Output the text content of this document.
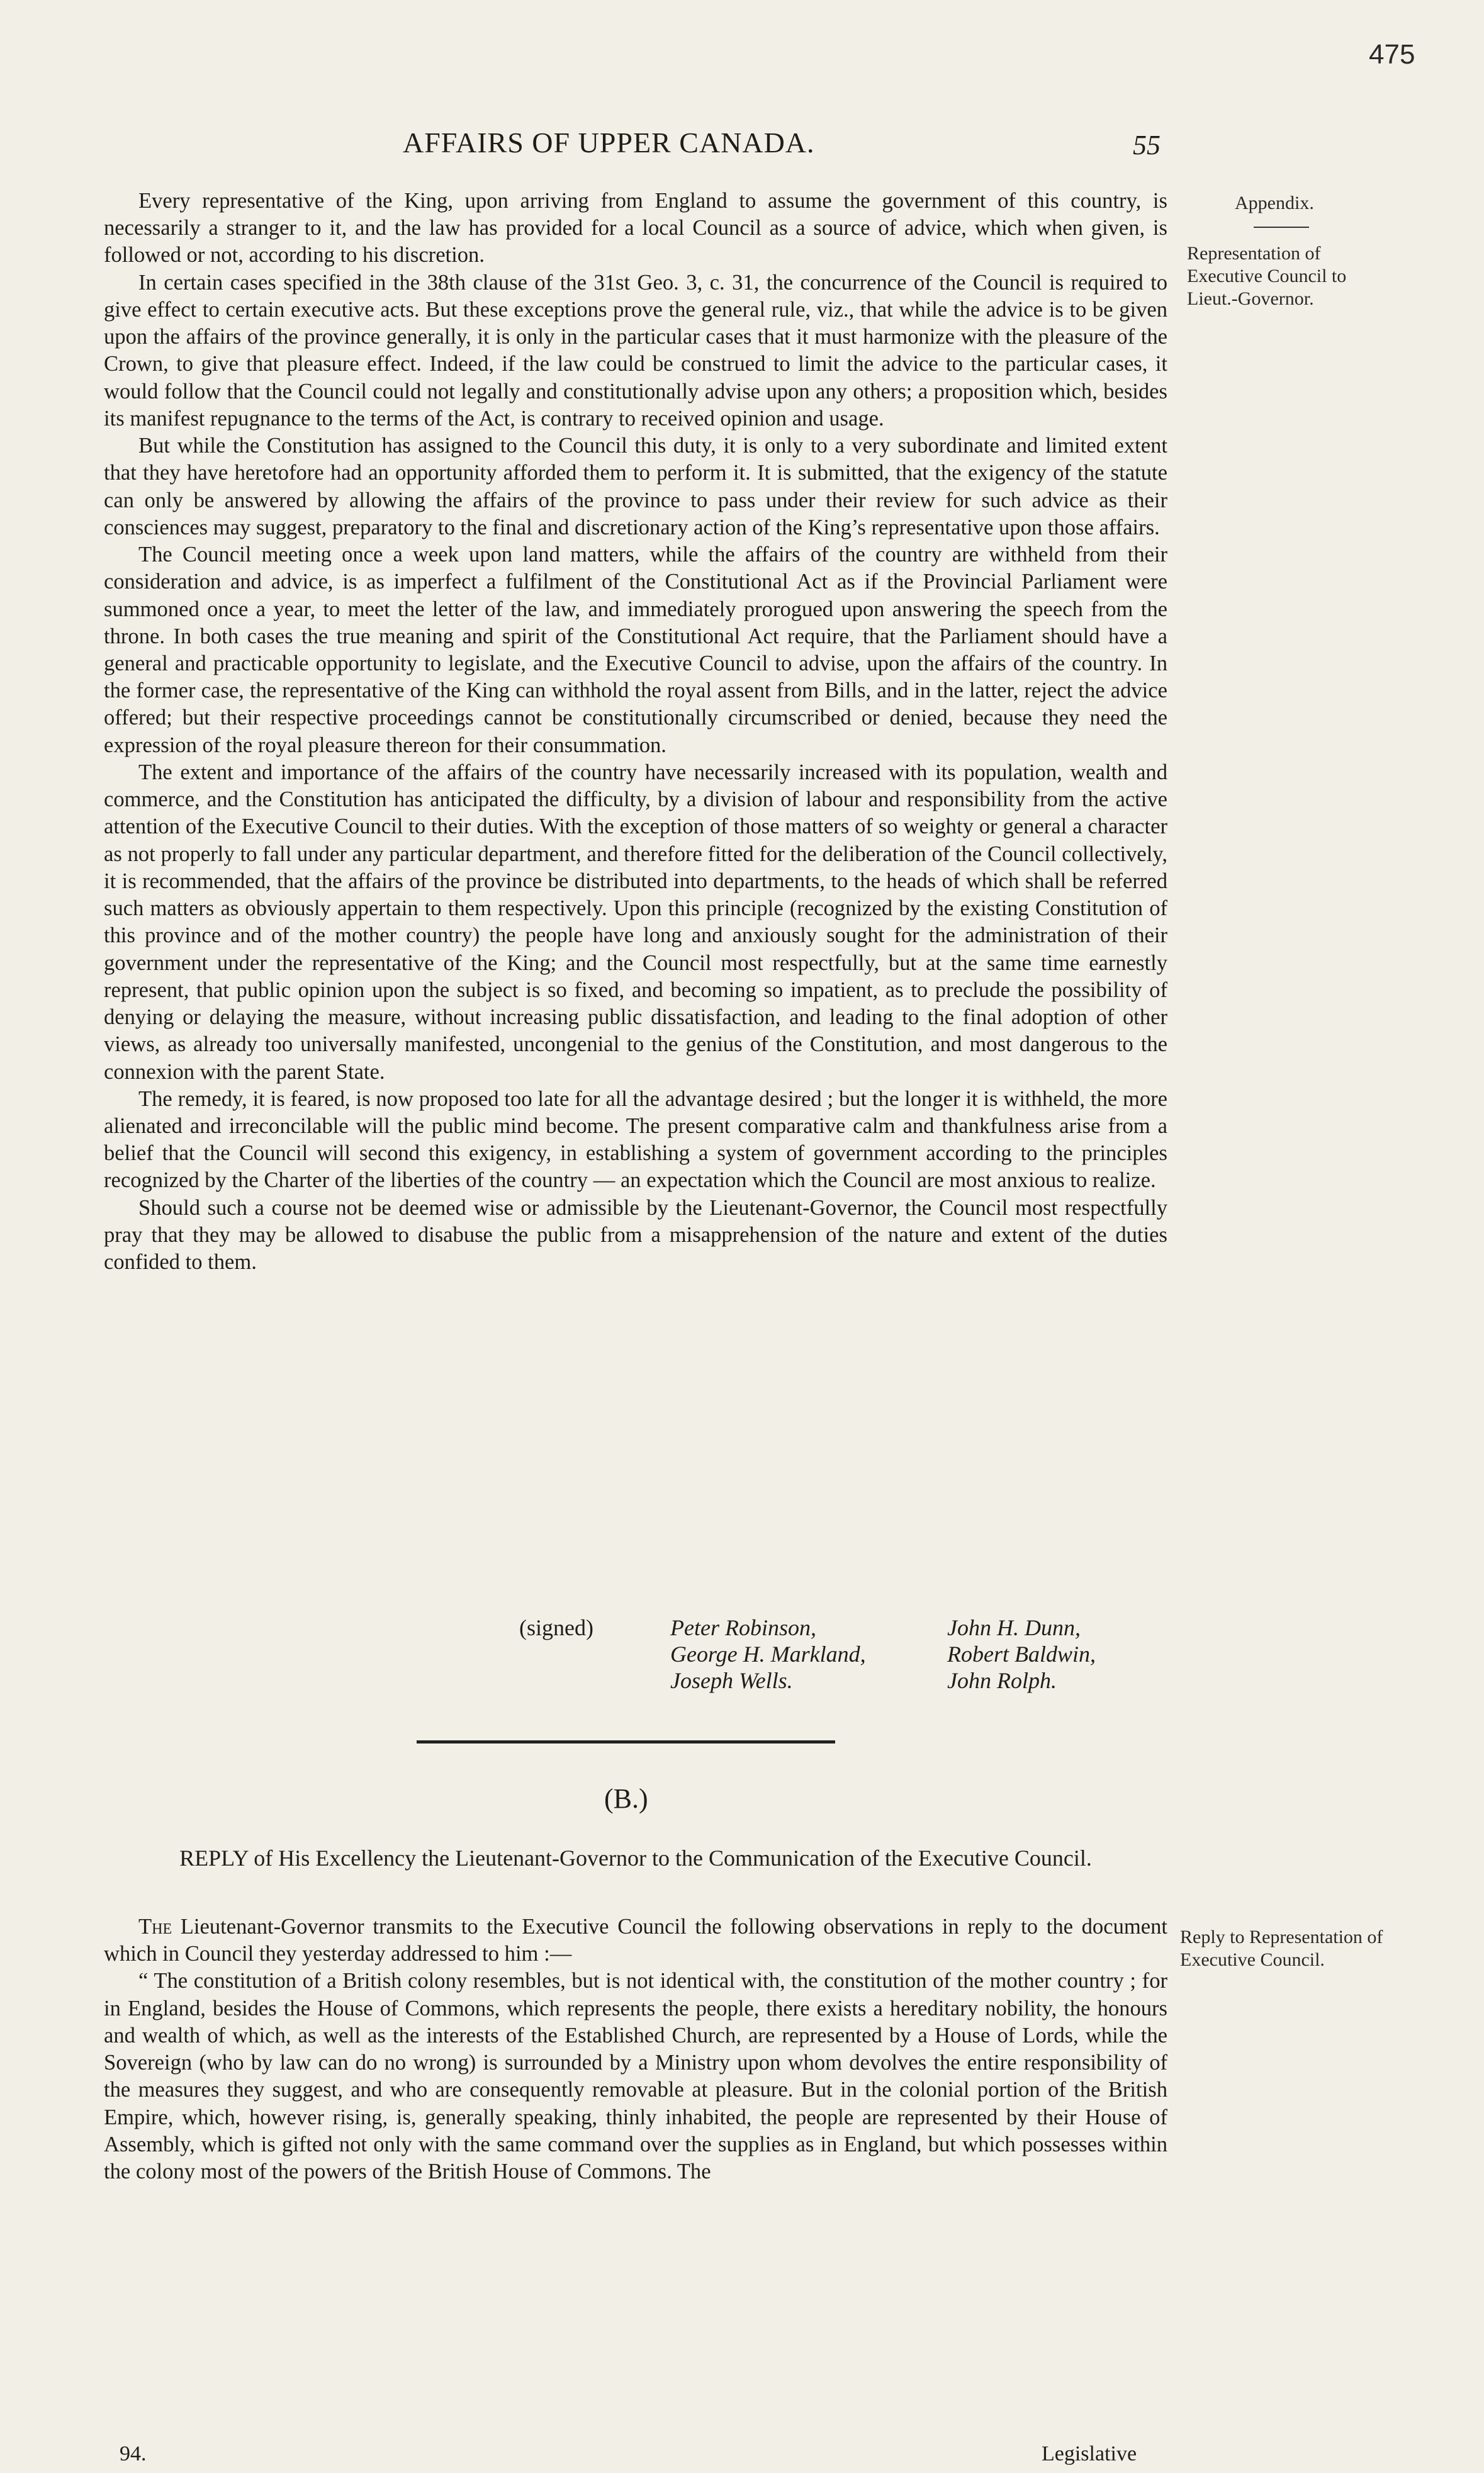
475
AFFAIRS OF UPPER CANADA.	55
Appendix.
Representation of Executive Council to Lieut.-Governor.

Every representative of the King, upon arriving from England to assume the government of this country, is necessarily a stranger to it, and the law has provided for a local Council as a source of advice, which when given, is followed or not, according to his discretion.

In certain cases specified in the 38th clause of the 31st Geo. 3, c. 31, the concurrence of the Council is required to give effect to certain executive acts. But these exceptions prove the general rule, viz., that while the advice is to be given upon the affairs of the province generally, it is only in the particular cases that it must harmonize with the pleasure of the Crown, to give that pleasure effect. Indeed, if the law could be construed to limit the advice to the particular cases, it would follow that the Council could not legally and constitutionally advise upon any others; a proposition which, besides its manifest repugnance to the terms of the Act, is contrary to received opinion and usage.

But while the Constitution has assigned to the Council this duty, it is only to a very subordinate and limited extent that they have heretofore had an opportunity afforded them to perform it. It is submitted, that the exigency of the statute can only be answered by allowing the affairs of the province to pass under their review for such advice as their consciences may suggest, preparatory to the final and discretionary action of the King’s representative upon those affairs.

The Council meeting once a week upon land matters, while the affairs of the country are withheld from their consideration and advice, is as imperfect a fulfilment of the Constitutional Act as if the Provincial Parliament were summoned once a year, to meet the letter of the law, and immediately prorogued upon answering the speech from the throne. In both cases the true meaning and spirit of the Constitutional Act require, that the Parliament should have a general and practicable opportunity to legislate, and the Executive Council to advise, upon the affairs of the country. In the former case, the representative of the King can withhold the royal assent from Bills, and in the latter, reject the advice offered; but their respective proceedings cannot be constitutionally circumscribed or denied, because they need the expression of the royal pleasure thereon for their consummation.

The extent and importance of the affairs of the country have necessarily increased with its population, wealth and commerce, and the Constitution has anticipated the difficulty, by a division of labour and responsibility from the active attention of the Executive Council to their duties. With the exception of those matters of so weighty or general a character as not properly to fall under any particular department, and therefore fitted for the deliberation of the Council collectively, it is recommended, that the affairs of the province be distributed into departments, to the heads of which shall be referred such matters as obviously appertain to them respectively. Upon this principle (recognized by the existing Constitution of this province and of the mother country) the people have long and anxiously sought for the administration of their government under the representative of the King; and the Council most respectfully, but at the same time earnestly represent, that public opinion upon the subject is so fixed, and becoming so impatient, as to preclude the possibility of denying or delaying the measure, without increasing public dissatisfaction, and leading to the final adoption of other views, as already too universally manifested, uncongenial to the genius of the Constitution, and most dangerous to the connexion with the parent State.

The remedy, it is feared, is now proposed too late for all the advantage desired ; but the longer it is withheld, the more alienated and irreconcilable will the public mind become. The present comparative calm and thankfulness arise from a belief that the Council will second this exigency, in establishing a system of government according to the principles recognized by the Charter of the liberties of the country — an expectation which the Council are most anxious to realize.

Should such a course not be deemed wise or admissible by the Lieutenant-Governor, the Council most respectfully pray that they may be allowed to disabuse the public from a misapprehension of the nature and extent of the duties confided to them.

(signed)	Peter Robinson,
George H. Markland,
Joseph Wells.
John H. Dunn,
Robert Baldwin,
John Rolph.
(B.)
REPLY of His Excellency the Lieutenant-Governor to the Communication of the Executive Council.
Reply to Representation of Executive Council.

The Lieutenant-Governor transmits to the Executive Council the following observations in reply to the document which in Council they yesterday addressed to him :—

“ The constitution of a British colony resembles, but is not identical with, the constitution of the mother country ; for in England, besides the House of Commons, which represents the people, there exists a hereditary nobility, the honours and wealth of which, as well as the interests of the Established Church, are represented by a House of Lords, while the Sovereign (who by law can do no wrong) is surrounded by a Ministry upon whom devolves the entire responsibility of the measures they suggest, and who are consequently removable at pleasure. But in the colonial portion of the British Empire, which, however rising, is, generally speaking, thinly inhabited, the people are represented by their House of Assembly, which is gifted not only with the same command over the supplies as in England, but which possesses within the colony most of the powers of the British House of Commons. The

94.	Legislative
